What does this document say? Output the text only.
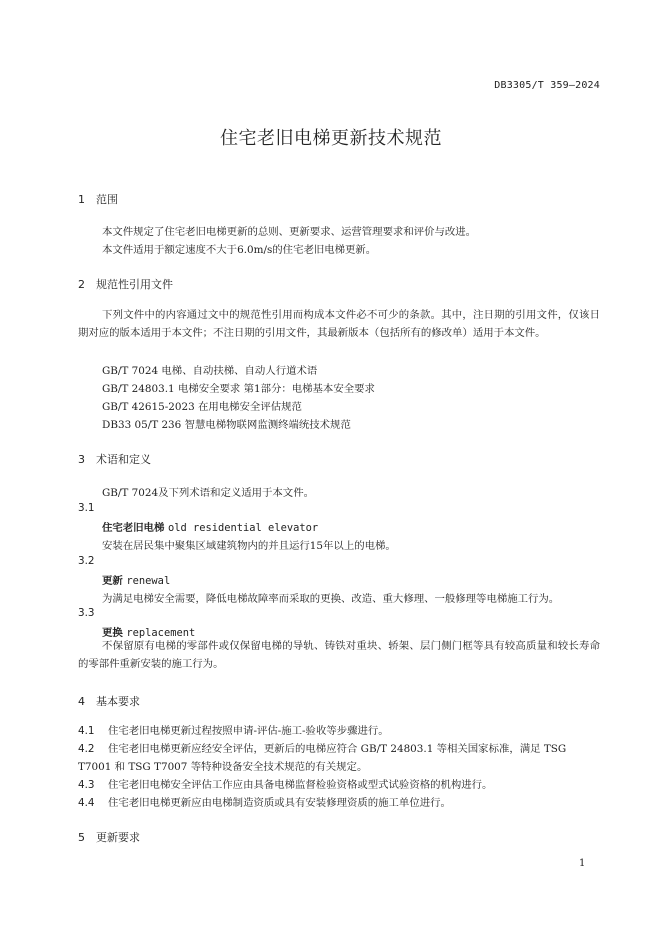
DB3305/T 359—2024
住宅老旧电梯更新技术规范
1 范围
本文件规定了住宅老旧电梯更新的总则、更新要求、运营管理要求和评价与改进。
本文件适用于额定速度不大于6.0m/s的住宅老旧电梯更新。
2 规范性引用文件
下列文件中的内容通过文中的规范性引用而构成本文件必不可少的条款。其中，注日期的引用文件，仅该日期对应的版本适用于本文件；不注日期的引用文件，其最新版本（包括所有的修改单）适用于本文件。
GB/T 7024 电梯、自动扶梯、自动人行道术语
GB/T 24803.1 电梯安全要求 第1部分：电梯基本安全要求
GB/T 42615-2023 在用电梯安全评估规范
DB33 05/T 236 智慧电梯物联网监测终端统技术规范
3 术语和定义
GB/T 7024及下列术语和定义适用于本文件。
3.1
住宅老旧电梯 old residential elevator
安装在居民集中聚集区域建筑物内的并且运行15年以上的电梯。
3.2
更新 renewal
为满足电梯安全需要，降低电梯故障率而采取的更换、改造、重大修理、一般修理等电梯施工行为。
3.3
更换 replacement
不保留原有电梯的零部件或仅保留电梯的导轨、铸铁对重块、轿架、层门侧门框等具有较高质量和较长寿命的零部件重新安装的施工行为。
4 基本要求
4.1 住宅老旧电梯更新过程按照申请-评估-施工-验收等步骤进行。
4.2 住宅老旧电梯更新应经安全评估，更新后的电梯应符合 GB/T 24803.1 等相关国家标准，满足 TSG T7001 和 TSG T7007 等特种设备安全技术规范的有关规定。
4.3 住宅老旧电梯安全评估工作应由具备电梯监督检验资格或型式试验资格的机构进行。
4.4 住宅老旧电梯更新应由电梯制造资质或具有安装修理资质的施工单位进行。
5 更新要求
1
